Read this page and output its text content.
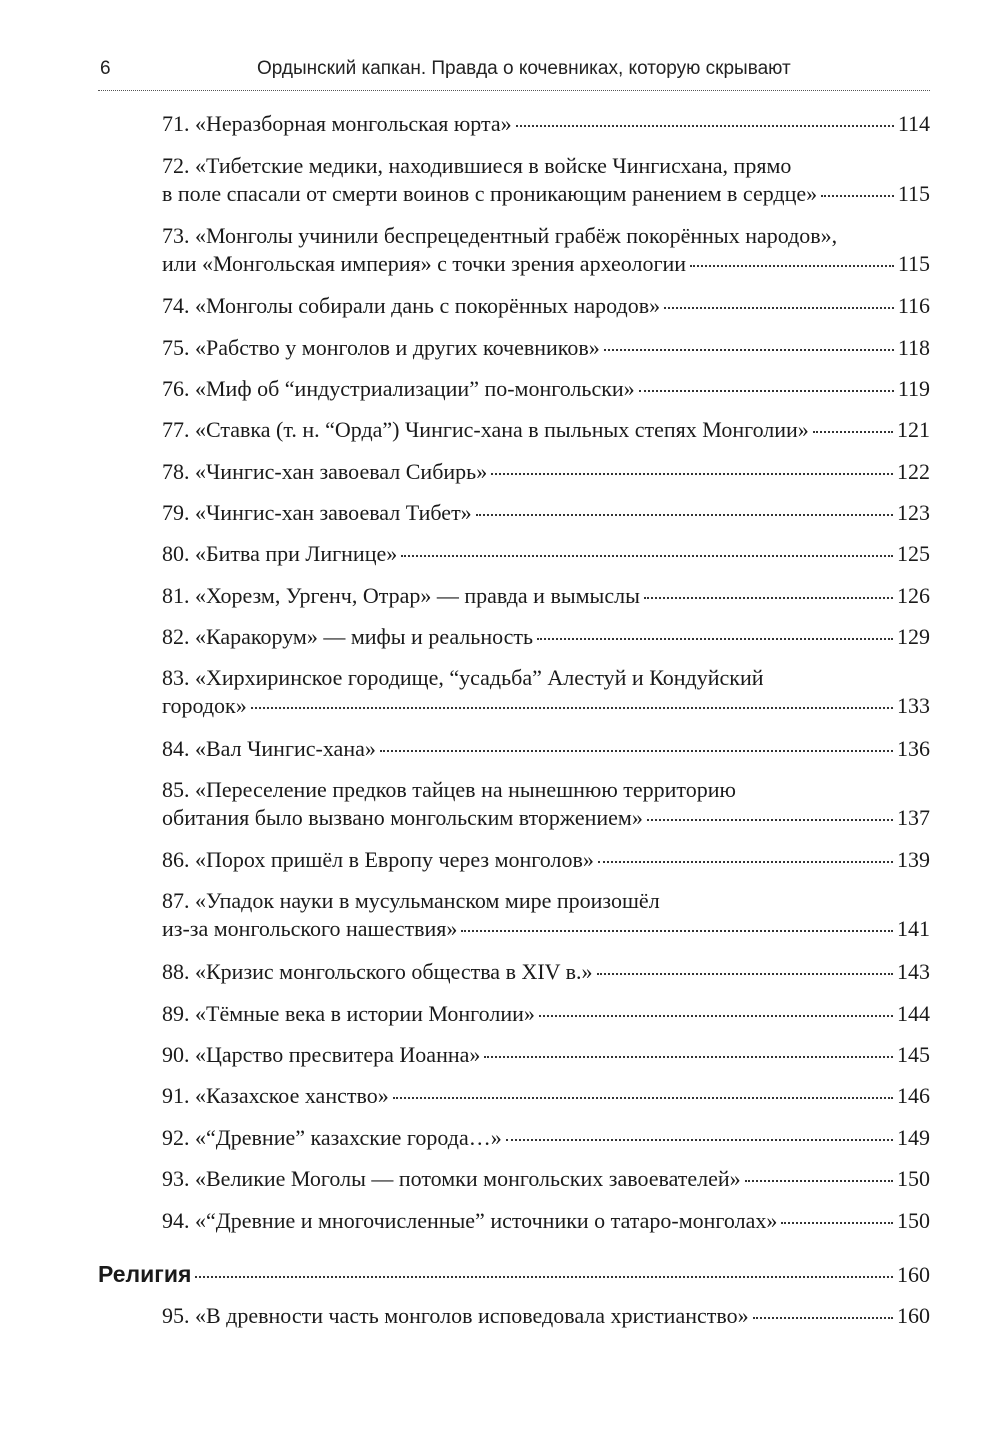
6	Ордынский капкан. Правда о кочевниках, которую скрывают
71. «Неразборная монгольская юрта»	114
72. «Тибетские медики, находившиеся в войске Чингисхана, прямо
в поле спасали от смерти воинов с проникающим ранением в сердце»	115
73. «Монголы учинили беспрецедентный грабёж покорённых народов»,
или «Монгольская империя» с точки зрения археологии	115
74. «Монголы собирали дань с покорённых народов»	116
75. «Рабство у монголов и других кочевников»	118
76. «Миф об “индустриализации” по-монгольски»	119
77. «Ставка (т. н. “Орда”) Чингис-хана в пыльных степях Монголии»	121
78. «Чингис-хан завоевал Сибирь»	122
79. «Чингис-хан завоевал Тибет»	123
80. «Битва при Лигнице»	125
81. «Хорезм, Ургенч, Отрар» — правда и вымыслы	126
82. «Каракорум» — мифы и реальность	129
83. «Хирхиринское городище, “усадьба” Алестуй и Кондуйский
городок»	133
84. «Вал Чингис-хана»	136
85. «Переселение предков тайцев на нынешнюю территорию
обитания было вызвано монгольским вторжением»	137
86. «Порох пришёл в Европу через монголов»	139
87. «Упадок науки в мусульманском мире произошёл
из-за монгольского нашествия»	141
88. «Кризис монгольского общества в XIV в.»	143
89. «Тёмные века в истории Монголии»	144
90. «Царство пресвитера Иоанна»	145
91. «Казахское ханство»	146
92. «“Древние” казахские города…»	149
93. «Великие Моголы — потомки монгольских завоевателей»	150
94. «“Древние и многочисленные” источники о татаро-монголах»	150
Религия	160
95. «В древности часть монголов исповедовала христианство»	160
